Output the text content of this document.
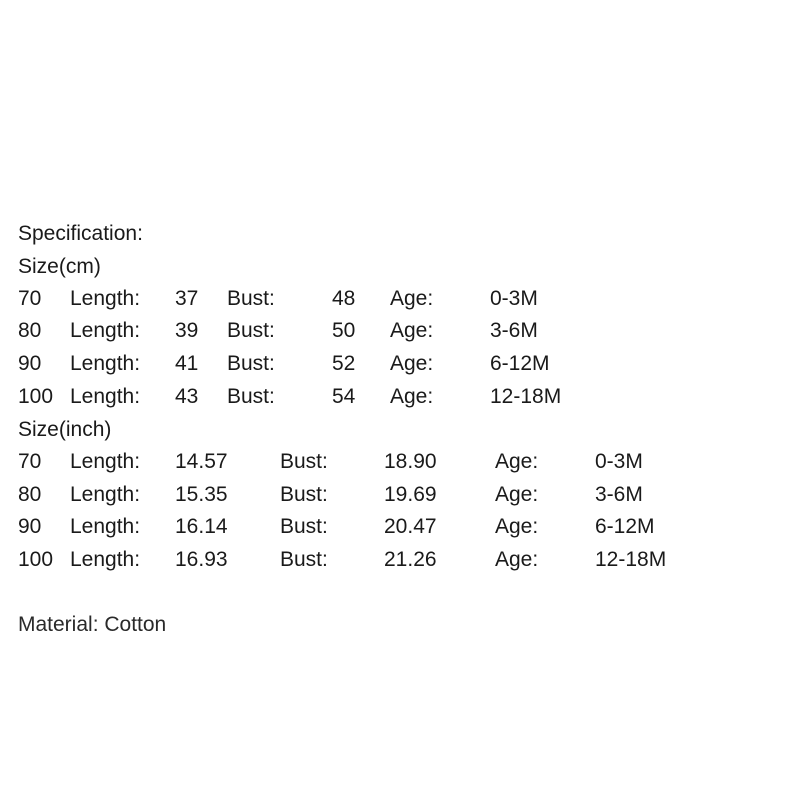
Specification:
Size(cm)
70 Length: 37 Bust:	48 Age:	0-3M
80 Length: 39 Bust:	50 Age:	3-6M
90 Length: 41 Bust:	52 Age:	6-12M
100 Length: 43 Bust:	54 Age:	12-18M
Size(inch)
70 Length: 14.57 Bust:	18.90	Age:	0-3M
80 Length: 15.35 Bust:	19.69	Age:	3-6M
90 Length: 16.14 Bust:	20.47	Age:	6-12M
100 Length: 16.93 Bust:	21.26	Age:	12-18M
Material: Cotton
